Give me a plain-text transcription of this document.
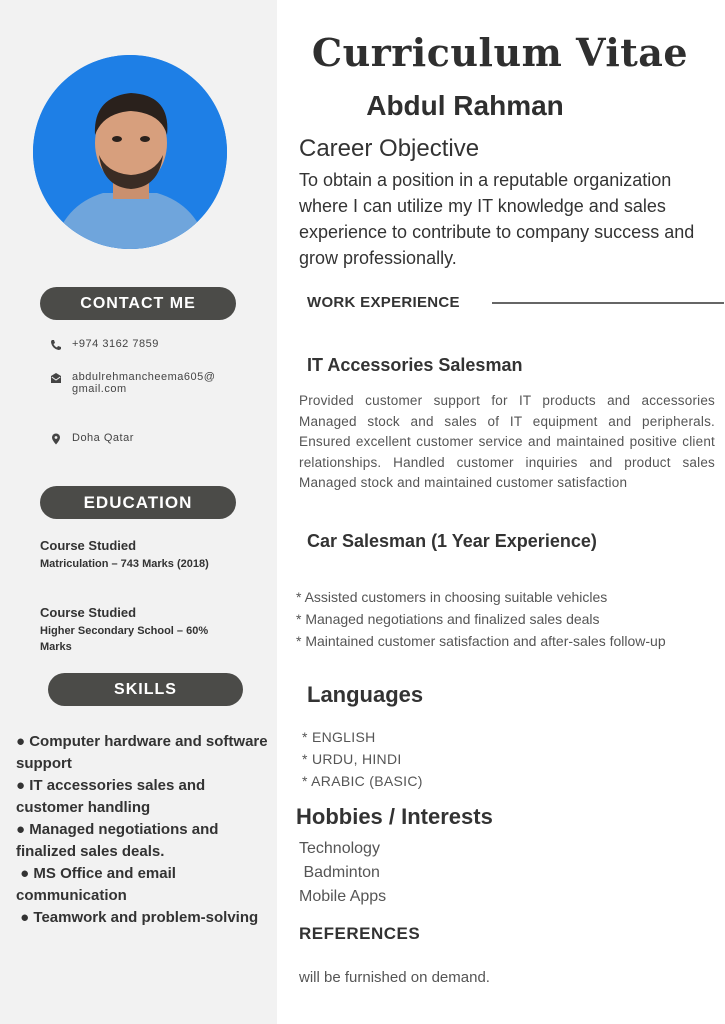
CONTACT ME
+974 3162 7859
abdulrehmancheema605@
gmail.com
Doha Qatar
EDUCATION
Course Studied
Matriculation – 743 Marks (2018)
Course Studied
Higher Secondary School – 60% Marks
SKILLS
● Computer hardware and software support
● IT accessories sales and customer handling
● Managed negotiations and finalized sales deals.
● MS Office and email communication
● Teamwork and problem-solving
Curriculum Vitae
Abdul Rahman
Career Objective
To obtain a position in a reputable organization where I can utilize my IT knowledge and sales experience to contribute to company success and grow professionally.
WORK EXPERIENCE
IT Accessories Salesman
Provided customer support for IT products and accessories Managed stock and sales of IT equipment and peripherals. Ensured excellent customer service and maintained positive client relationships. Handled customer inquiries and product sales Managed stock and maintained customer satisfaction
Car Salesman (1 Year Experience)
* Assisted customers in choosing suitable vehicles
* Managed negotiations and finalized sales deals
* Maintained customer satisfaction and after-sales follow-up
Languages
* ENGLISH
* URDU, HINDI
* ARABIC (BASIC)
Hobbies / Interests
Technology
Badminton
Mobile Apps
REFERENCES
will be furnished on demand.
